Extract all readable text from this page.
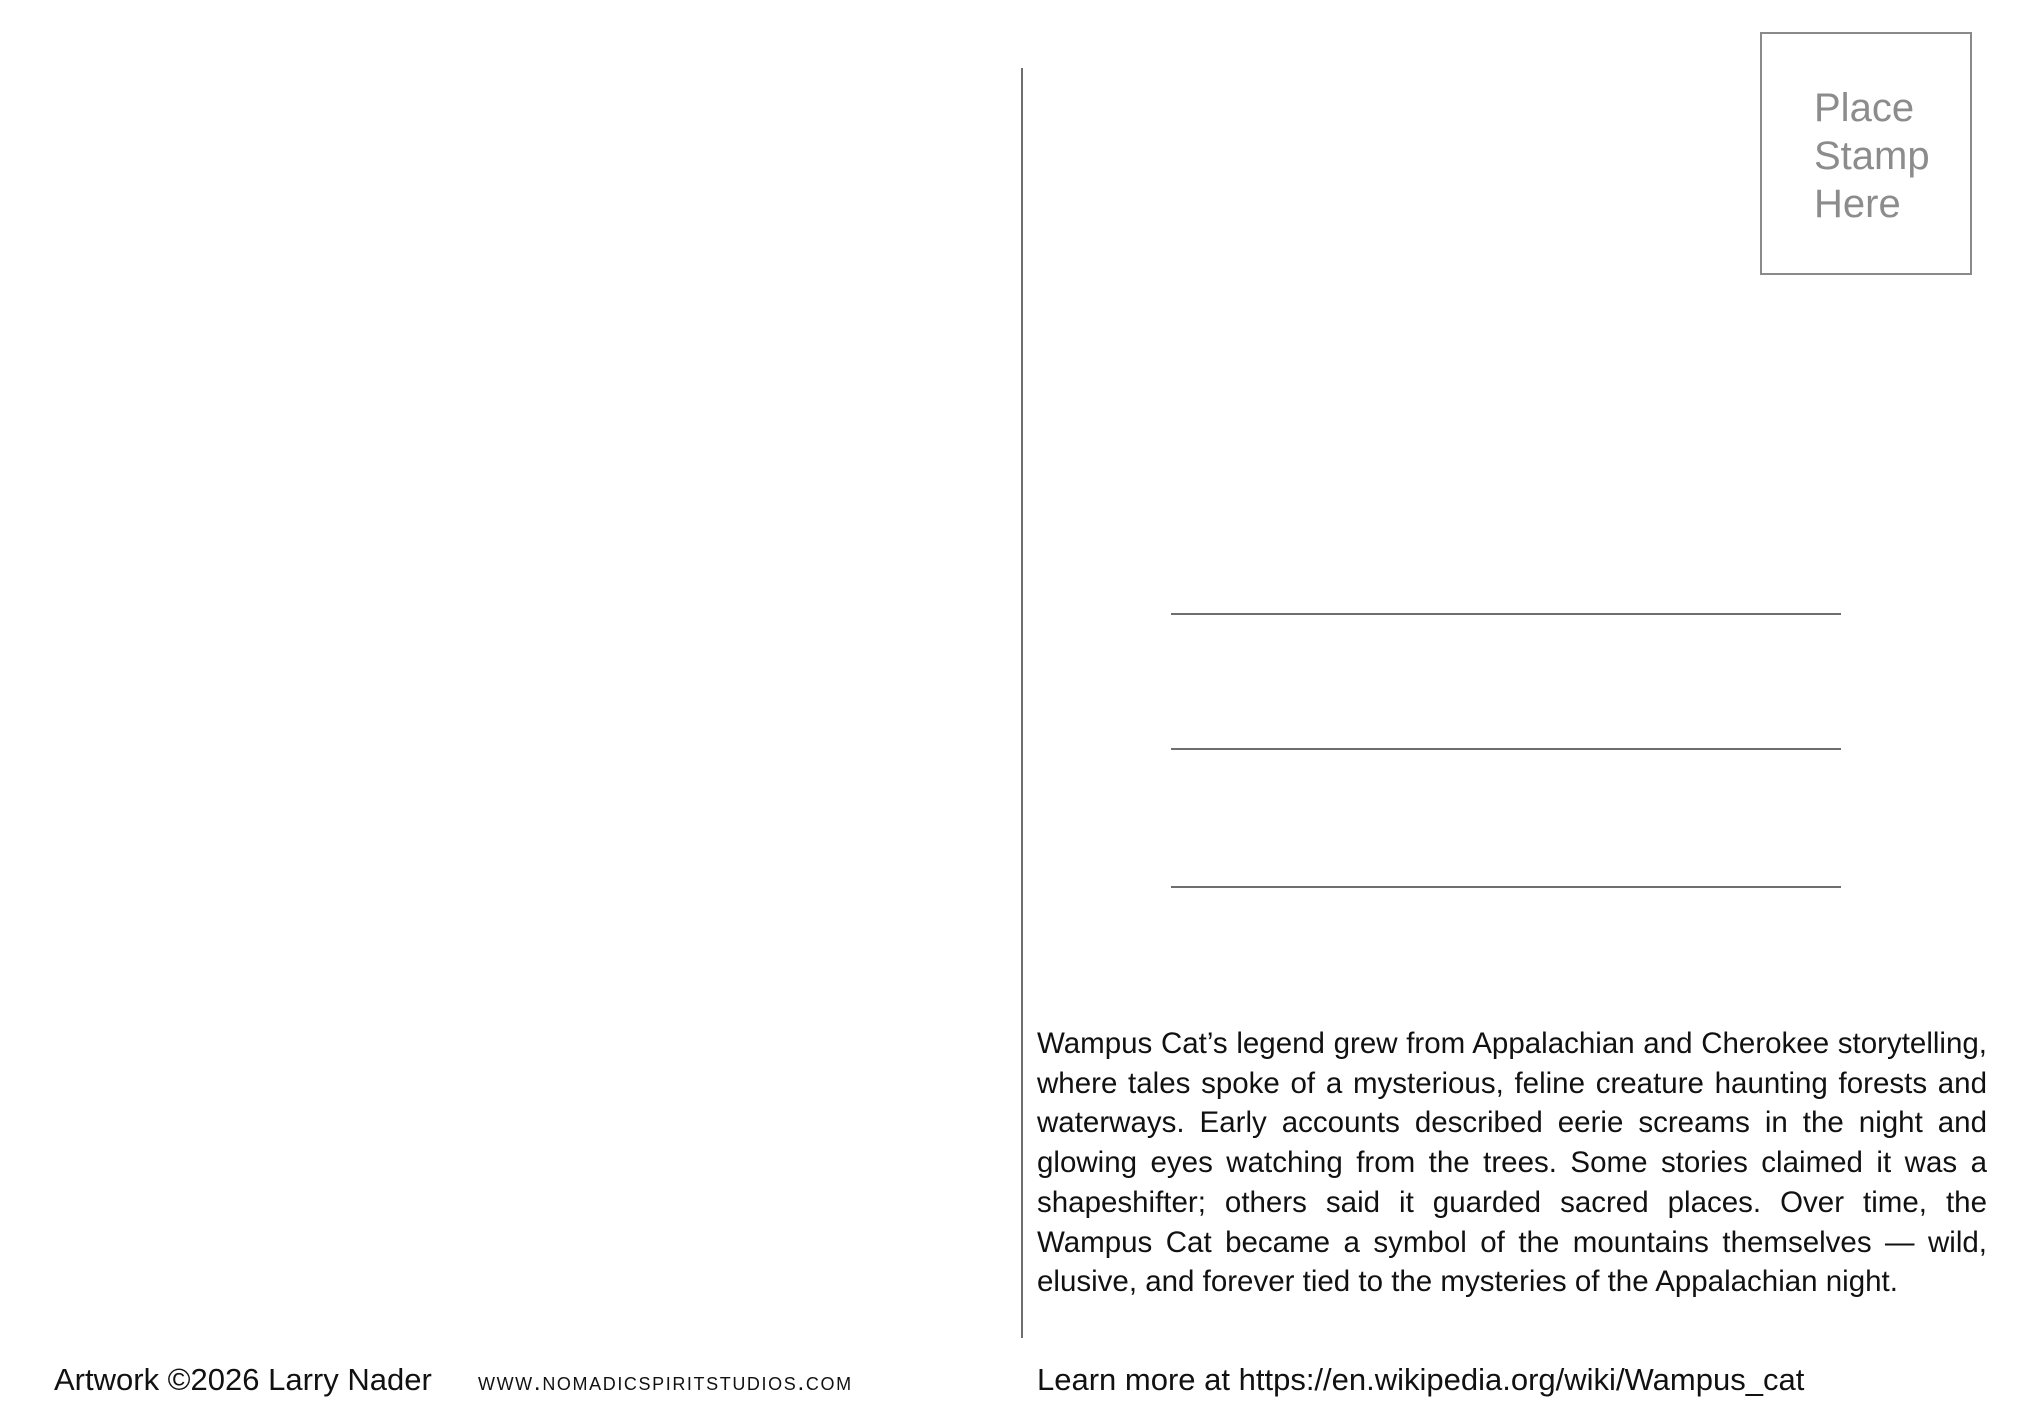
Place
Stamp
Here

Wampus Cat’s legend grew from Appalachian and Cherokee storytelling, where tales spoke of a mysterious, feline creature haunting forests and waterways. Early accounts described eerie screams in the night and glowing eyes watching from the trees. Some stories claimed it was a shapeshifter; others said it guarded sacred places. Over time, the Wampus Cat became a symbol of the mountains themselves — wild, elusive, and forever tied to the mysteries of the Appalachian night.

Artwork ©2026 Larry Nader www.nomadicspiritstudios.com	Learn more at https://en.wikipedia.org/wiki/Wampus_cat
